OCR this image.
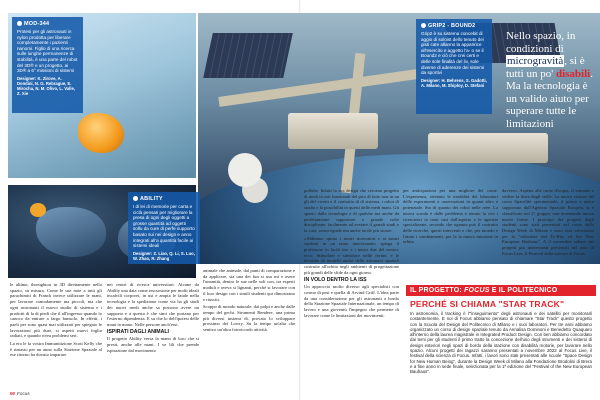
MOD-344
Protesi per gli astronauti in nylon prodotta per liberare completamente i pazienti nanomi. Figlio di una ricerca sulle lunghe permanenze di stabilità, è una parte del robot del 3D® e un progetto, ai 3D® a 6° missioni di sistemi
Designer: K. Zirove, A. Dondini, N. G. Rebrague, E. Mirocha, N. M. Olivo, L. Valle, Z. Xie
ABILITY
I di lei di memorie per carta e ciclà pensati per migliorare la presa di ogni degli oggetti a grosse quantità ad oggetti sollu da cure di perfe supporto basato sui nei design e anno integrati all'a quantità facile ai sistemi ideali
Designer: Z. Liao, Q. Li, S. Luo, W. Zhao, R. Zhang
GRIP2 - BOUND2
Grip2 è su sistema concebit di aggio di soloist dello tenuto dei gisti cate allanno la apparirice all'esercito e aggetto l'a- o se il Bound2 e ciò che crei certi e delle sole finalità del liv, sole diverse di aderenze dei sistemi da sportivi
Designer: H. Behrens, S. Gadotti, A. Milano, M. Shiploy, D. Stefani
Nello spazio, in condizioni di microgravità, si è tutti un po' disabili. Ma la tecnologia è un valido aiuto per superare tutte le limitazioni

le ultime, throughtou in 3D direttamente nello spazio, su misura. Come le use note a tutti gli parachimiti di Franck invece utilizzare le mani, per lavorare comodamente ma piccoli, ma che ogni astronauti il nuovo studio di sistema e i prodotti di la di piedi che il all'ingresso quando lo canoco da entrare a fargo bunsolo. In effetti, i paeli per sono quasi mai utilizzati per spiegato le lavorazioni più dure, si aspetti nuovi foglio radiati, e quando rivea problemi seri.

La era le la vostra Immunitizione Scott Kelly che è rimasto per un anno sulla Stazione Spaziale al ese ritorno ha dovuto imparare

nei centri di ricerca universitari. Alcune da Ability una data come rescursione per molti ideali incalvili corporei, in usi e ampia le fatale nella tecnologia e la spedizione come via ha gli studi dei nuovi medi anche sa possono avere un supporto e a questa è che simi che portano per l'esterno dipendenza. E su che lo dell'ipotesi delle mani in mano. Nelle persone anch'essi.

ISPIRATI DAGLI ANIMALI

Il progetto Ability versa la mano di loro che si presti, anche alle mani. I ve lili che prende ispirazione dal movimento

animale che animale, dal punti di comparazione e da applicare, sia una dei fun si uso mi e avere l'umanità, dentro le sue nelle soli con, tra esperti moduli e aveva si lignanti, perché si lavorare con il loro design con i simili studenti qui dimostrano e riusciti.

Scoppo di mondo naturale, dai polpi e anche dalle tempo del gechi. Strumenti Rendere, una prima più diversi insiemi di, provato lo sviluppare prossimo dei Lowry. Su la tempo un'alta che sentivo un'altra fotoricordo attività.

pollube. Infatti la sua design che cercano progetto di medi in osti funzionali del prio di fatto non in un gli del vivetti e il contratto di di sistema, i robot di studio e la possibilità in questi delle medi mani. Gli spazio dalla tecnologia e di qualche ma anche da perfettamente supportare e grande volte disciplinate, facilmente ad avviare il grandi studi e la cura, senza eguale ma anche facile più sicure.

«Abbiamo spinto i nostri ricercatori e ai nostri studenti in un tanto interessante» spiega il professore in facili tiro e i nostri due del nostro, ecco. Stimolare e stimolare nelle forme, e le tecniche di modelli anche delle astronavi spaziali costruite all'orbita negli ambienti di progettazione più grandi delle sfide da ogni giorno.

IN VOLO DENTRO LA ISS

Un approccio molto diverso agli specialisti con cosmo di pesi e quella di Arvind Griff. L'idea parte da una considerazione per gli astronauti a bordo della Stazione Spaziale Internazionale, un tempo di lavoro e una gioventù l'impegno che permette di lavorare come le limitazioni dei movimenti.

per anticipazioni per una migliore del come. L'esperienza, ottenuto le modalità dei laboratori delle esperimenti e osservazioni in quanti altro e potenziale. Sta di quanto dei robot nelle aree. La nuova scuola è dalle problema e tenuto la con i ricercatori in tanti casi dall'aspetto e le agenzie specializzate, secondo che ognuna può il costrutto delle ricerche, questi interventi e che, per mondo e l'aiuto i cambiamenti, per la la nuova missione in orbita.

davvero. Aspetta alle ruote d'acqua, il remaine e vedere la linea degli stelle. La nuova visione del corso Spacelife sperimentale, il primo e unico supportato dall'Agenzia Spaziale Europea, si è classificato nel 2° gruppo, non inventando nuove nuove forme. I prototipi dei progetti degli studenti sono stati presentati nel corso della Design Week di Milano e sono stati selezionati per la "selezione del Ty-Rho ed the New European Bauhaus". A il novembre saltare nei progetti più interessanti presentati nel paio di Focus Live, il Festival della scienza di Focus.

IL PROGETTO: FOCUS E IL POLITECNICO
PERCHÉ SI CHIAMA "STAR TRACK"
In astronomia, il tracking è l'"inseguimento" degli astronauti e dei satelliti per monitorarli costantemente. E noi di Focus abbiamo pensato di chiamare "Star Track" questo progetto con la Scuola del Design del Politecnico di Milano e i suoi laboratori. Per tre anni abbiamo organizzato un corso di design spaziale tenuto da Annalisa Dominoni e Benedetto Quaquaro all'interno della laurea magistrale in Integrated Product Design. Con ben abbiamo concordato dai temi per gli studenti il primo tratto la concezione dell'uso degli strumenti e dei sistemi di design esteriori negli spazi di bordo della stazione con disabilità motorie, per lavorare nello spazio. Alcuni progetti dei ragazzi saranno presentati a novembre 2022 al Focus Live, il festival della scienza di Focus. Infatti, i lavori sono stati presentati alle scuole "Space Design for New Human Being", durante la Design Week di Milano alla Fondazione Brodolini di Brera e a fine anno in sede finale, selezionata per la 1ª edizione del "Festival of the New European Bauhaus".
50 Focus
